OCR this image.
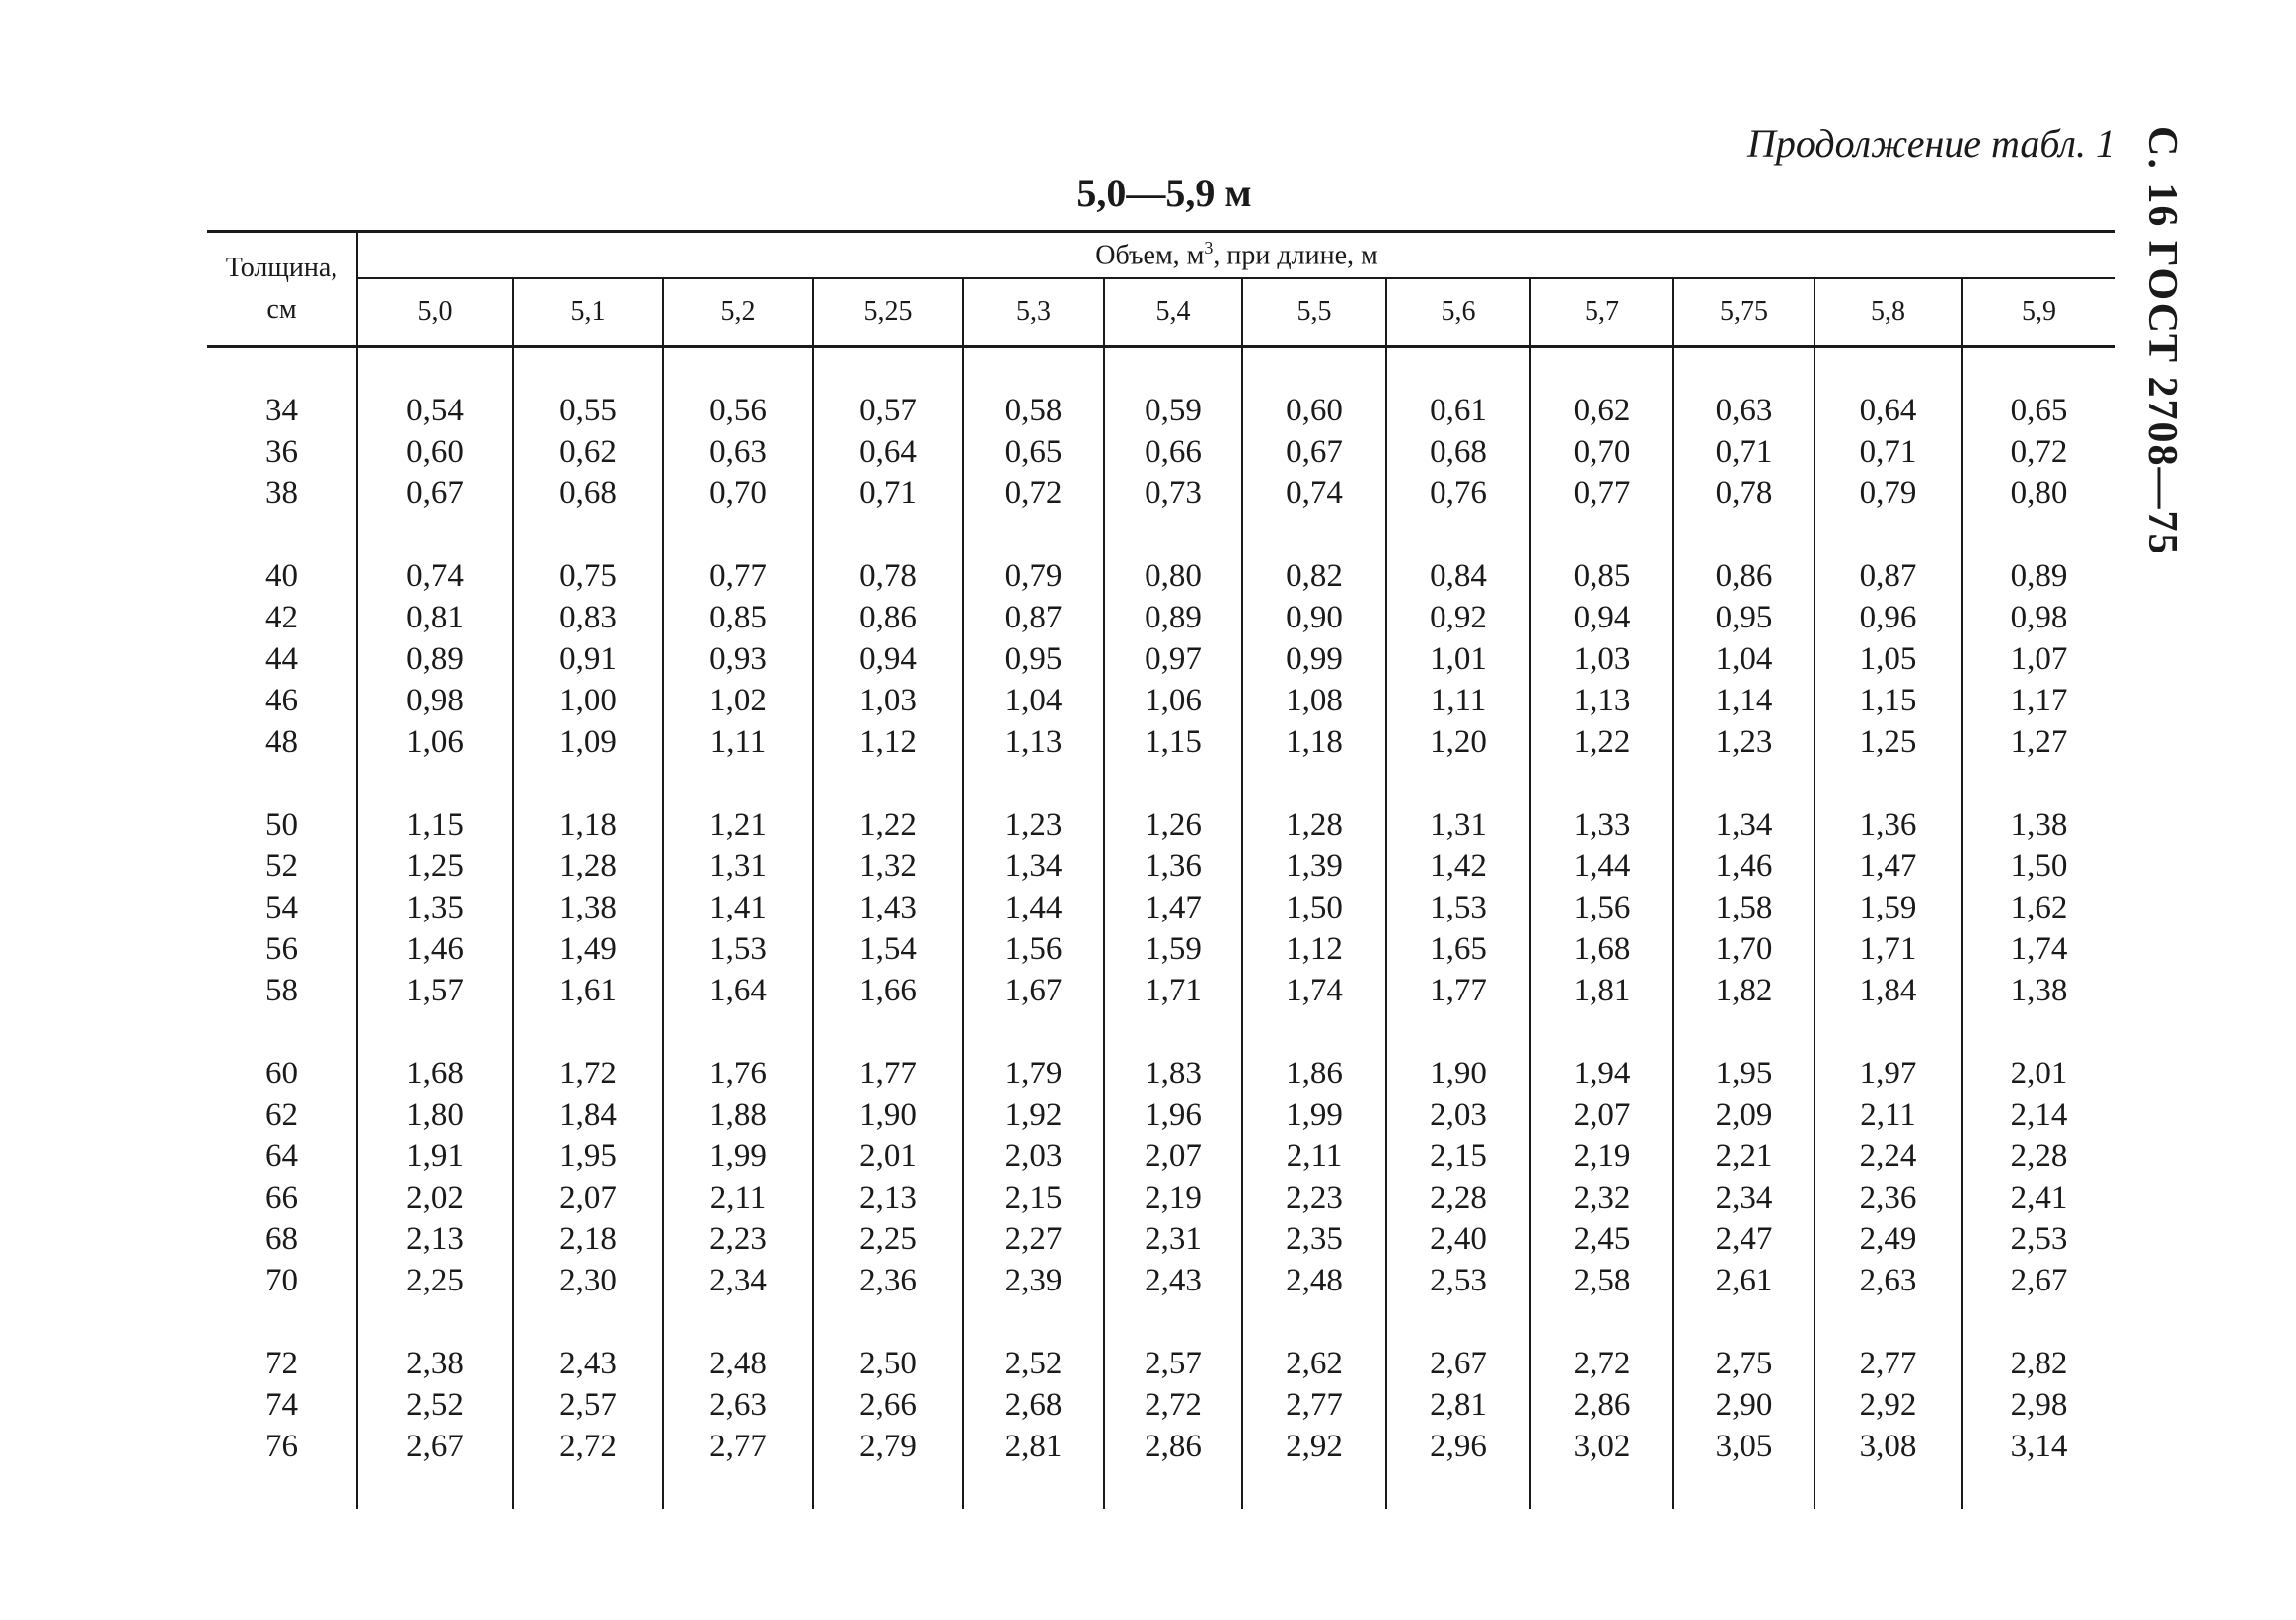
Продолжение табл. 1 С. 16 ГОСТ 2708—75
5,0—5,9 м
Толщина,
см	Объем, $м^3$, при длине, м											
	5,0	5,1	5,2	5,25	5,3	5,4	5,5	5,6	5,7	5,75	5,8	5,9

34	0,54	0,55	0,56	0,57	0,58	0,59	0,60	0,61	0,62	0,63	0,64	0,65
36	0,60	0,62	0,63	0,64	0,65	0,66	0,67	0,68	0,70	0,71	0,71	0,72
38	0,67	0,68	0,70	0,71	0,72	0,73	0,74	0,76	0,77	0,78	0,79	0,80

40	0,74	0,75	0,77	0,78	0,79	0,80	0,82	0,84	0,85	0,86	0,87	0,89
42	0,81	0,83	0,85	0,86	0,87	0,89	0,90	0,92	0,94	0,95	0,96	0,98
44	0,89	0,91	0,93	0,94	0,95	0,97	0,99	1,01	1,03	1,04	1,05	1,07
46	0,98	1,00	1,02	1,03	1,04	1,06	1,08	1,11	1,13	1,14	1,15	1,17
48	1,06	1,09	1,11	1,12	1,13	1,15	1,18	1,20	1,22	1,23	1,25	1,27

50	1,15	1,18	1,21	1,22	1,23	1,26	1,28	1,31	1,33	1,34	1,36	1,38
52	1,25	1,28	1,31	1,32	1,34	1,36	1,39	1,42	1,44	1,46	1,47	1,50
54	1,35	1,38	1,41	1,43	1,44	1,47	1,50	1,53	1,56	1,58	1,59	1,62
56	1,46	1,49	1,53	1,54	1,56	1,59	1,12	1,65	1,68	1,70	1,71	1,74
58	1,57	1,61	1,64	1,66	1,67	1,71	1,74	1,77	1,81	1,82	1,84	1,38

60	1,68	1,72	1,76	1,77	1,79	1,83	1,86	1,90	1,94	1,95	1,97	2,01
62	1,80	1,84	1,88	1,90	1,92	1,96	1,99	2,03	2,07	2,09	2,11	2,14
64	1,91	1,95	1,99	2,01	2,03	2,07	2,11	2,15	2,19	2,21	2,24	2,28
66	2,02	2,07	2,11	2,13	2,15	2,19	2,23	2,28	2,32	2,34	2,36	2,41
68	2,13	2,18	2,23	2,25	2,27	2,31	2,35	2,40	2,45	2,47	2,49	2,53
70	2,25	2,30	2,34	2,36	2,39	2,43	2,48	2,53	2,58	2,61	2,63	2,67

72	2,38	2,43	2,48	2,50	2,52	2,57	2,62	2,67	2,72	2,75	2,77	2,82
74	2,52	2,57	2,63	2,66	2,68	2,72	2,77	2,81	2,86	2,90	2,92	2,98
76	2,67	2,72	2,77	2,79	2,81	2,86	2,92	2,96	3,02	3,05	3,08	3,14
